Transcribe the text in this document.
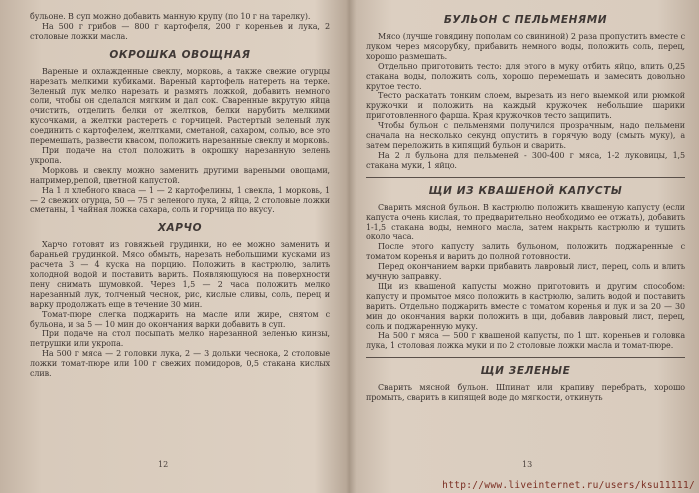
бульоне. В суп можно добавить манную крупу (по 10 г на тарелку).

На 500 г грибов — 800 г картофеля, 200 г кореньев и лука, 2 столовые ложки масла.

ОКРОШКА ОВОЩНАЯ

Вареные и охлажденные свеклу, морковь, а также свежие огурцы нарезать мелкими кубиками. Вареный картофель натереть на терке. Зеленый лук мелко нарезать и размять ложкой, добавить немного соли, чтобы он сделался мягким и дал сок. Сваренные вкрутую яйца очистить, отделить белки от желтков, белки нарубить мелкими кусочками, а желтки растереть с горчицей. Растертый зеленый лук соединить с картофелем, желтками, сметаной, сахаром, солью, все это перемешать, развести квасом, положить нарезанные свеклу и морковь.

При подаче на стол положить в окрошку нарезанную зелень укропа.

Морковь и свеклу можно заменить другими вареными овощами, например,репой, цветной капустой.

На 1 л хлебного кваса — 1 — 2 картофелины, 1 свекла, 1 морковь, 1 — 2 свежих огурца, 50 — 75 г зеленого лука, 2 яйца, 2 столовые ложки сметаны, 1 чайная ложка сахара, соль и горчица по вкусу.

ХАРЧО

Харчо готовят из говяжьей грудинки, но ее можно заменить и бараньей грудинкой. Мясо обмыть, нарезать небольшими кусками из расчета 3 — 4 куска на порцию. Положить в кастрюлю, залить холодной водой и поставить варить. Появляющуюся на поверхности пену снимать шумовкой. Через 1,5 — 2 часа положить мелко нарезанный лук, толченый чеснок, рис, кислые сливы, соль, перец и варку продолжать еще в течение 30 мин.

Томат-пюре слегка поджарить на масле или жире, снятом с бульона, и за 5 — 10 мин до окончания варки добавить в суп.

При подаче на стол посыпать мелко нарезанной зеленью кинзы, петрушки или укропа.

На 500 г мяса — 2 головки лука, 2 — 3 дольки чеснока, 2 столовые ложки томат-пюре или 100 г свежих помидоров, 0,5 стакана кислых слив.

12
БУЛЬОН С ПЕЛЬМЕНЯМИ

Мясо (лучше говядину пополам со свининой) 2 раза пропустить вместе с луком через мясорубку, прибавить немного воды, положить соль, перец, хорошо размешать.

Отдельно приготовить тесто: для этого в муку отбить яйцо, влить 0,25 стакана воды, положить соль, хорошо перемешать и замесить довольно крутое тесто.

Тесто раскатать тонким слоем, вырезать из него выемкой или рюмкой кружочки и положить на каждый кружочек небольшие шарики приготовленного фарша. Края кружочков тесто защипить.

Чтобы бульон с пельменями получился прозрачным, надо пельмени сначала на несколько секунд опустить в горячую воду (смыть муку), а затем переложить в кипящий бульон и сварить.

На 2 л бульона для пельменей - 300-400 г мяса, 1-2 луковицы, 1,5 стакана муки, 1 яйцо.

ЩИ ИЗ КВАШЕНОЙ КАПУСТЫ

Сварить мясной бульон. В кастрюлю положить квашеную капусту (если капуста очень кислая, то предварительно необходимо ее отжать), добавить 1-1,5 стакана воды, немного масла, затем накрыть кастрюлю и тушить около часа.

После этого капусту залить бульоном, положить поджаренные с томатом коренья и варить до полной готовности.

Перед окончанием варки прибавить лавровый лист, перец, соль и влить мучную заправку.

Щи из квашеной капусты можно приготовить и другим способом: капусту и промытое мясо положить в кастрюлю, залить водой и поставить варить. Отдельно поджарить вместе с томатом коренья и лук и за 20 — 30 мин до окончания варки положить в щи, добавив лавровый лист, перец, соль и поджаренную муку.

На 500 г мяса — 500 г квашеной капусты, по 1 шт. кореньев и головка лука, 1 столовая ложка муки и по 2 столовые ложки масла и томат-пюре.

ЩИ ЗЕЛЕНЫЕ

Сварить мясной бульон. Шпинат или крапиву перебрать, хорошо промыть, сварить в кипящей воде до мягкости, откинуть

13
http://www.liveinternet.ru/users/ksu11111/
